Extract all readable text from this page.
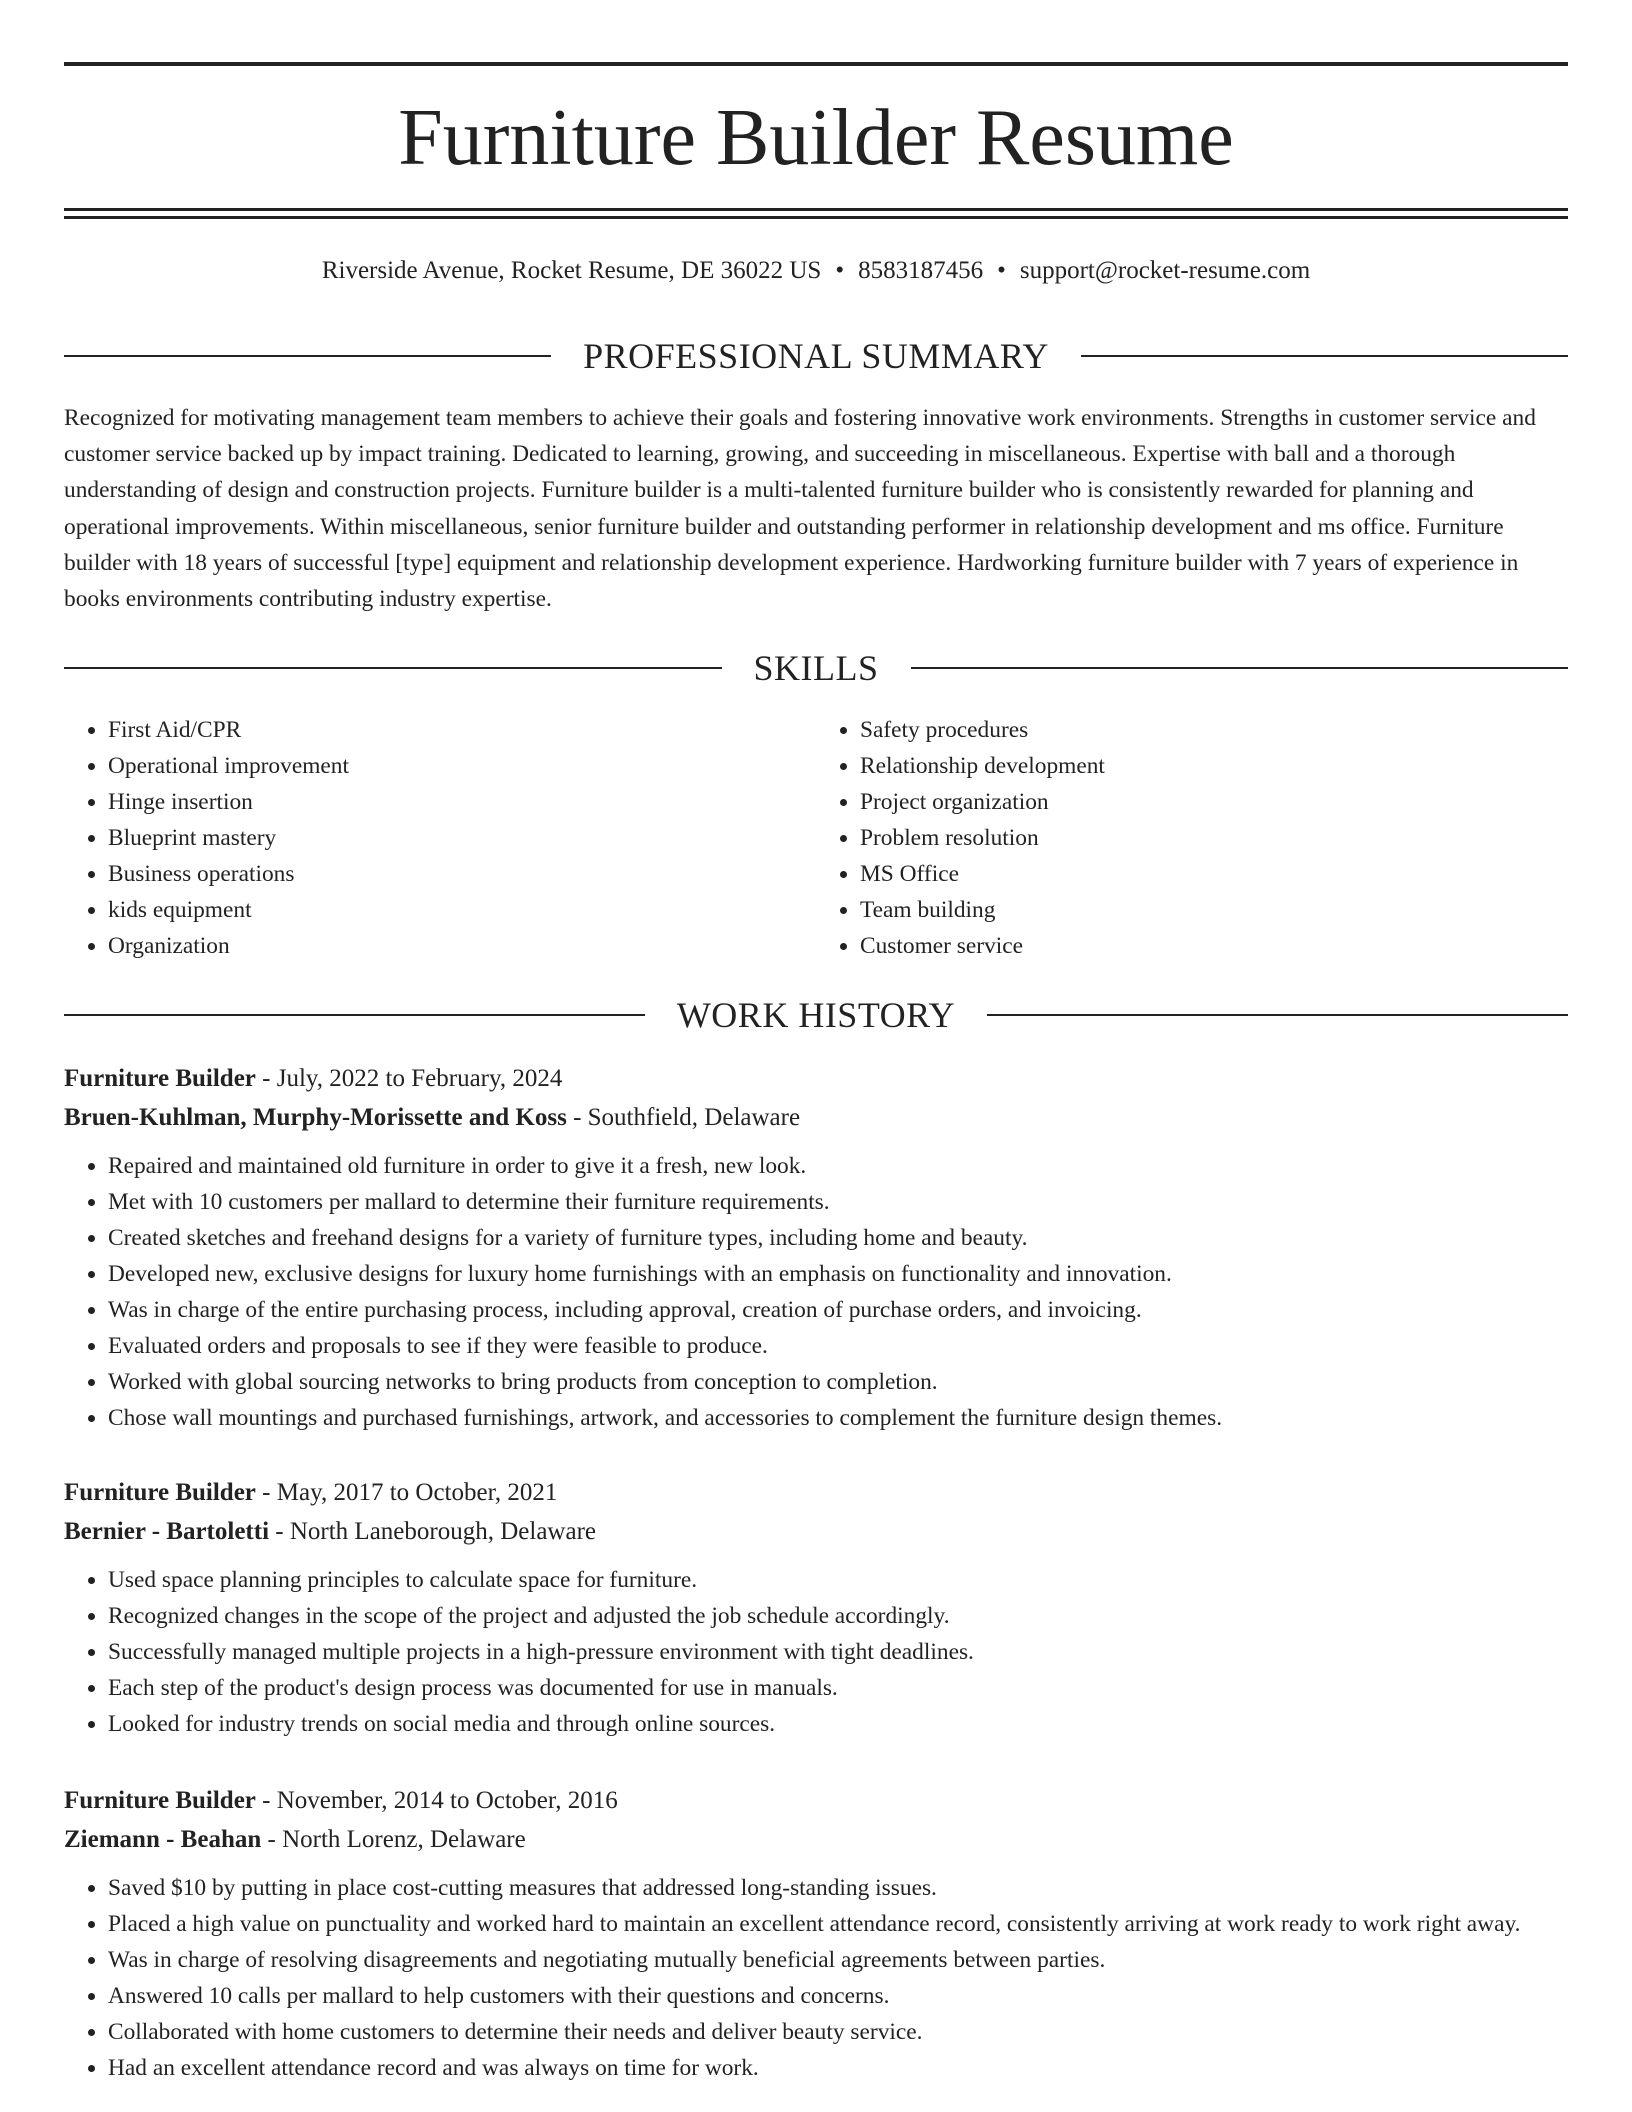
Furniture Builder Resume
Riverside Avenue, Rocket Resume, DE 36022 US • 8583187456 • support@rocket-resume.com
PROFESSIONAL SUMMARY

Recognized for motivating management team members to achieve their goals and fostering innovative work environments. Strengths in customer service and customer service backed up by impact training. Dedicated to learning, growing, and succeeding in miscellaneous. Expertise with ball and a thorough understanding of design and construction projects. Furniture builder is a multi-talented furniture builder who is consistently rewarded for planning and operational improvements. Within miscellaneous, senior furniture builder and outstanding performer in relationship development and ms office. Furniture builder with 18 years of successful [type] equipment and relationship development experience. Hardworking furniture builder with 7 years of experience in books environments contributing industry expertise.

SKILLS
• First Aid/CPR
• Operational improvement
• Hinge insertion
• Blueprint mastery
• Business operations
• kids equipment
• Organization
• Safety procedures
• Relationship development
• Project organization
• Problem resolution
• MS Office
• Team building
• Customer service
WORK HISTORY

Furniture Builder - July, 2022 to February, 2024

Bruen-Kuhlman, Murphy-Morissette and Koss - Southfield, Delaware

• Repaired and maintained old furniture in order to give it a fresh, new look.
• Met with 10 customers per mallard to determine their furniture requirements.
• Created sketches and freehand designs for a variety of furniture types, including home and beauty.
• Developed new, exclusive designs for luxury home furnishings with an emphasis on functionality and innovation.
• Was in charge of the entire purchasing process, including approval, creation of purchase orders, and invoicing.
• Evaluated orders and proposals to see if they were feasible to produce.
• Worked with global sourcing networks to bring products from conception to completion.
• Chose wall mountings and purchased furnishings, artwork, and accessories to complement the furniture design themes.

Furniture Builder - May, 2017 to October, 2021

Bernier - Bartoletti - North Laneborough, Delaware

• Used space planning principles to calculate space for furniture.
• Recognized changes in the scope of the project and adjusted the job schedule accordingly.
• Successfully managed multiple projects in a high-pressure environment with tight deadlines.
• Each step of the product's design process was documented for use in manuals.
• Looked for industry trends on social media and through online sources.

Furniture Builder - November, 2014 to October, 2016

Ziemann - Beahan - North Lorenz, Delaware

• Saved $10 by putting in place cost-cutting measures that addressed long-standing issues.
• Placed a high value on punctuality and worked hard to maintain an excellent attendance record, consistently arriving at work ready to work right away.
• Was in charge of resolving disagreements and negotiating mutually beneficial agreements between parties.
• Answered 10 calls per mallard to help customers with their questions and concerns.
• Collaborated with home customers to determine their needs and deliver beauty service.
• Had an excellent attendance record and was always on time for work.
